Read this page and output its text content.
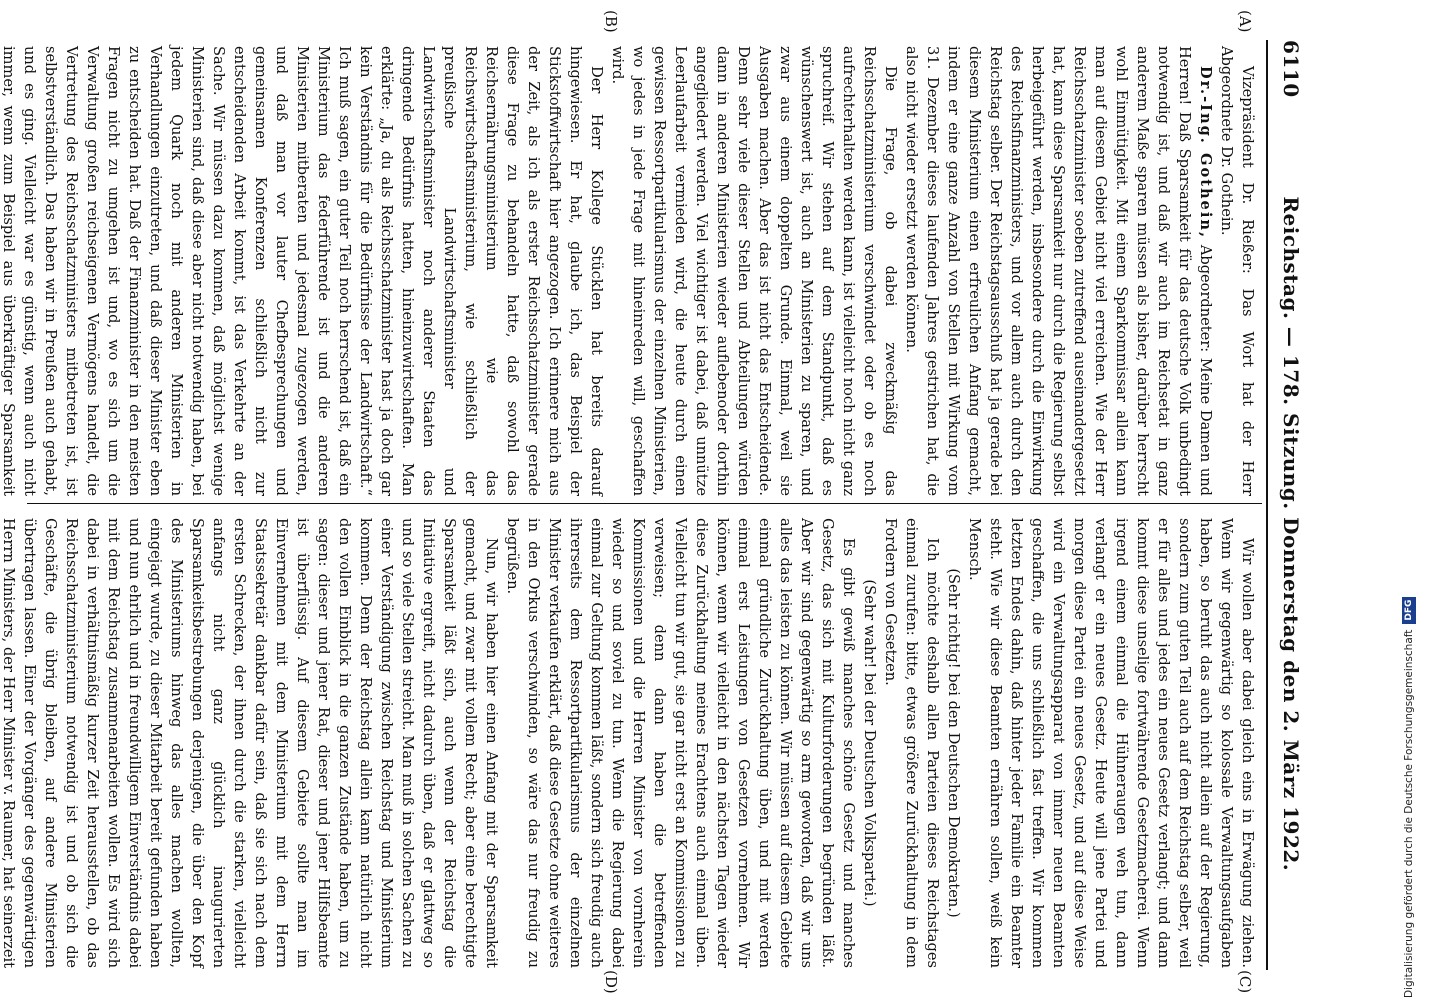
6110
Reichstag. — 178. Sitzung. Donnerstag den 2. März 1922.
(A)
(B)
(C)
(D)

Vizepräsident Dr. Rießer: Das Wort hat der Herr Abgeordnete Dr. Gothein.

Dr.-Ing. Gothein, Abgeordneter: Meine Damen und Herren! Daß Sparsamkeit für das deutsche Volk unbedingt notwendig ist, und daß wir auch im Reichsetat in ganz anderem Maße sparen müssen als bisher, darüber herrscht wohl Einmütigkeit. Mit einem Sparkommissar allein kann man auf diesem Gebiet nicht viel erreichen. Wie der Herr Reichsschatzminister soeben zutreffend auseinandergesetzt hat, kann diese Sparsamkeit nur durch die Regierung selbst herbeigeführt werden, insbesondere durch die Einwirkung des Reichsfinanzministers, und vor allem auch durch den Reichstag selber. Der Reichstagsausschuß hat ja gerade bei diesem Ministerium einen erfreulichen Anfang gemacht, indem er eine ganze Anzahl von Stellen mit Wirkung vom 31. Dezember dieses laufenden Jahres gestrichen hat, die also nicht wieder ersetzt werden können.

Die Frage, ob dabei zweckmäßig das Reichsschatzministerium verschwindet oder ob es noch aufrechterhalten werden kann, ist vielleicht noch nicht ganz spruchreif. Wir stehen auf dem Standpunkt, daß es wünschenswert ist, auch an Ministerien zu sparen, und zwar aus einem doppelten Grunde. Einmal, weil sie Ausgaben machen. Aber das ist nicht das Entscheidende. Denn sehr viele dieser Stellen und Abteilungen würden dann in anderen Ministerien wieder auflebenoder dorthin angegliedert werden. Viel wichtiger ist dabei, daß unnütze Leerlaufarbeit vermieden wird, die heute durch einen gewissen Ressortpartikularismus der einzelnen Ministerien, wo jedes in jede Frage mit hineinreden will, geschaffen wird.

Der Herr Kollege Stücklen hat bereits darauf hingewiesen. Er hat, glaube ich, das Beispiel der Stickstoffwirtschaft hier angezogen. Ich erinnere mich aus der Zeit, als ich als erster Reichsschatzminister gerade diese Frage zu behandeln hatte, daß sowohl das Reichsernährungsministerium wie das Reichswirtschaftsministerium, wie schließlich der preußische Landwirtschaftsminister und Landwirtschaftsminister noch anderer Staaten das dringende Bedürfnis hatten, hineinzuwirtschaften. Man erklärte: „Ja, du als Reichsschatzminister hast ja doch gar kein Verständnis für die Bedürfnisse der Landwirtschaft.“ Ich muß sagen, ein guter Teil noch herrschend ist, daß ein Ministerium das federführende ist und die anderen Ministerien mitberaten und jedesmal zugezogen werden, und daß man vor lauter Chefbesprechungen und gemeinsamen Konferenzen schließlich nicht zur entscheidenden Arbeit kommt, ist das Verkehrte an der Sache. Wir müssen dazu kommen, daß möglichst wenige Ministerien sind, daß diese aber nicht notwendig haben, bei jedem Quark noch mit anderen Ministerien in Verhandlungen einzutreten, und daß dieser Minister eben zu entscheiden hat. Daß der Finanzminister in den meisten Fragen nicht zu umgehen ist und, wo es sich um die Verwaltung großen reichseigenen Vermögens handelt, die Vertretung des Reichsschatzministers mitbetreten ist, ist selbstverständlich. Das haben wir in Preußen auch gehabt, und es ging. Vielleicht war es günstig, wenn auch nicht immer, wenn zum Beispiel aus überkräftiger Sparsamkeit

Wir wollen aber dabei gleich eins in Erwägung ziehen. Wenn wir gegenwärtig so kolossale Verwaltungsaufgaben haben, so beruht das auch nicht allein auf der Regierung, sondern zum guten Teil auch auf dem Reichstag selber, weil er für alles und jedes ein neues Gesetz verlangt; und dann kommt diese unselige fortwährende Gesetzmacherei. Wenn irgend einem einmal die Hühneraugen weh tun, dann verlangt er ein neues Gesetz. Heute will jene Partei und morgen diese Partei ein neues Gesetz, und auf diese Weise wird ein Verwaltungsapparat von immer neuen Beamten geschaffen, die uns schließlich fast treffen. Wir kommen letzten Endes dahin, daß hinter jeder Familie ein Beamter steht. Wie wir diese Beamten ernähren sollen, weiß kein Mensch.

(Sehr richtig! bei den Deutschen Demokraten.)

Ich möchte deshalb allen Parteien dieses Reichstages einmal zurufen: bitte, etwas größere Zurückhaltung in dem Fordern von Gesetzen.

(Sehr wahr! bei der Deutschen Volkspartei.)

Es gibt gewiß manches schöne Gesetz und manches Gesetz, das sich mit Kulturforderungen begründen läßt. Aber wir sind gegenwärtig so arm geworden, daß wir uns alles das leisten zu können. Wir müssen auf diesem Gebiete einmal gründliche Zurückhaltung üben, und mit werden einmal erst Leistungen von Gesetzen vornehmen. Wir können, wenn wir vielleicht in den nächsten Tagen wieder diese Zurückhaltung meines Erachtens auch einmal üben. Vielleicht tun wir gut, sie gar nicht erst an Kommissionen zu verweisen; denn dann haben die betreffenden Kommissionen und die Herren Minister von vornherein wieder so und soviel zu tun. Wenn die Regierung dabei einmal zur Geltung kommen läßt, sondern sich freudig auch ihrerseits dem Ressortpartikularismus der einzelnen Minister verkaufen erklärt, daß diese Gesetze ohne weiteres in den Orkus verschwinden, so wäre das nur freudig zu begrüßen.

Nun, wir haben hier einen Anfang mit der Sparsamkeit gemacht, und zwar mit vollem Recht; aber eine berechtigte Sparsamkeit läßt sich, auch wenn der Reichstag die Initiative ergreift, nicht dadurch üben, daß er glattweg so und so viele Stellen streicht. Man muß in solchen Sachen zu einer Verständigung zwischen Reichstag und Ministerium kommen. Denn der Reichstag allein kann natürlich nicht den vollen Einblick in die ganzen Zustände haben, um zu sagen: dieser und jener Rat, dieser und jener Hilfsbeamte ist überflüssig. Auf diesem Gebiete sollte man im Einvernehmen mit dem Ministerium mit dem Herrn Staatssekretär dankbar dafür sein, daß sie sich nach dem ersten Schrecken, der ihnen durch die starken, vielleicht anfangs nicht ganz glücklich inaugurierten Sparsamkeitsbestrebungen derjenigen, die über den Kopf des Ministeriums hinweg das alles machen wollten, eingejagt wurde, zu dieser Mitarbeit bereit gefunden haben und nun ehrlich und in freundwilligem Einverständnis dabei mit dem Reichstag zusammenarbeiten wollen. Es wird sich dabei in verhältnismäßig kurzer Zeit herausstellen, ob das Reichsschatzministerium notwendig ist und ob sich die Geschäfte, die übrig bleiben, auf andere Ministerien übertragen lassen. Einer der Vorgänger des gegenwärtigen Herrn Ministers, der Herr Minister v. Raumer, hat seinerzeit	Digitalisierung gefördert durch die Deutsche Forschungsgemeinschaft
DFG
